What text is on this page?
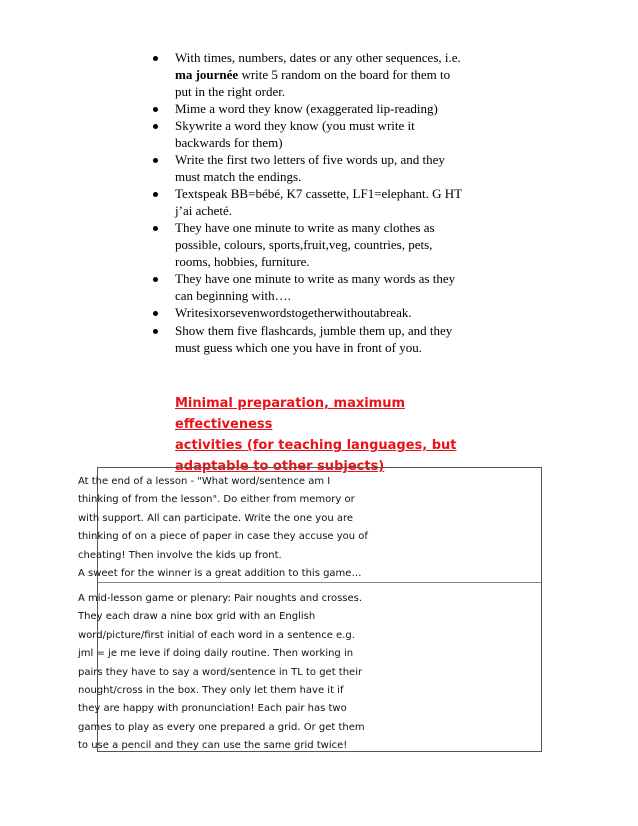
With times, numbers, dates or any other sequences, i.e.
ma journée write 5 random on the board for them to
put in the right order.
Mime a word they know (exaggerated lip-reading)
Skywrite a word they know (you must write it
backwards for them)
Write the first two letters of five words up, and they
must match the endings.
Textspeak BB=bébé, K7 cassette, LF1=elephant. G HT
j’ai acheté.
They have one minute to write as many clothes as
possible, colours, sports,fruit,veg, countries, pets,
rooms, hobbies, furniture.
They have one minute to write as many words as they
can beginning with….
Writesixorsevenwordstogetherwithoutabreak.
Show them five flashcards, jumble them up, and they
must guess which one you have in front of you.
Minimal preparation, maximum effectiveness
activities (for teaching languages, but
adaptable to other subjects)
At the end of a lesson - "What word/sentence am I
thinking of from the lesson". Do either from memory or
with support. All can participate. Write the one you are
thinking of on a piece of paper in case they accuse you of
cheating! Then involve the kids up front.
A sweet for the winner is a great addition to this game…
A mid-lesson game or plenary: Pair noughts and crosses.
They each draw a nine box grid with an English
word/picture/first initial of each word in a sentence e.g.
jml = je me leve if doing daily routine. Then working in
pairs they have to say a word/sentence in TL to get their
nought/cross in the box. They only let them have it if
they are happy with pronunciation! Each pair has two
games to play as every one prepared a grid. Or get them
to use a pencil and they can use the same grid twice!
